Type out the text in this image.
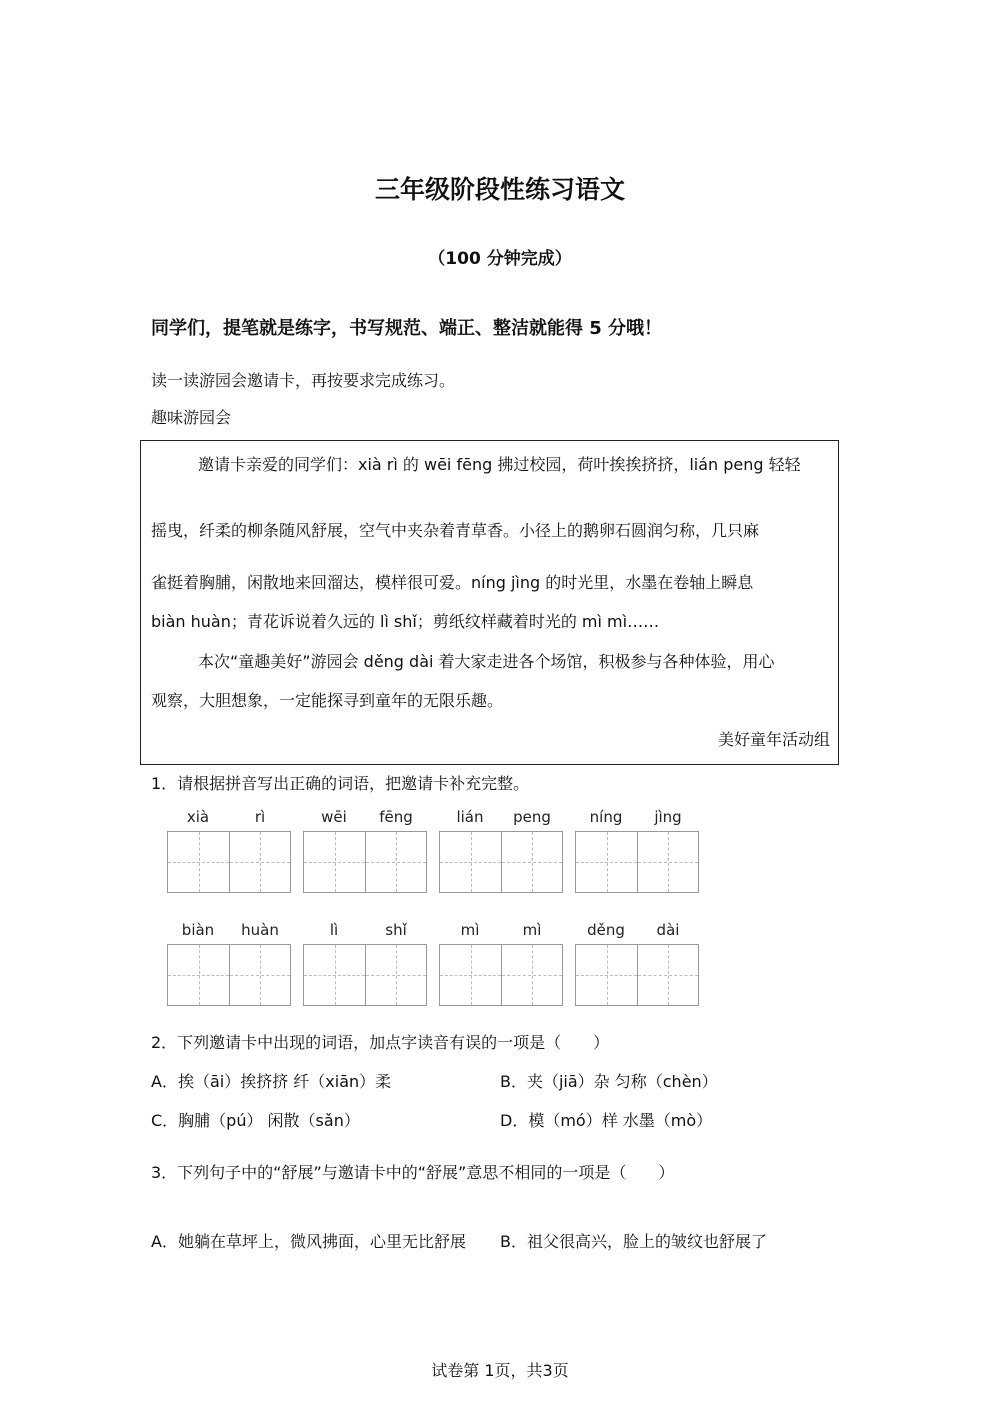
三年级阶段性练习语文
（100 分钟完成）
同学们，提笔就是练字，书写规范、端正、整洁就能得 5 分哦！
读一读游园会邀请卡，再按要求完成练习。
趣味游园会
邀请卡亲爱的同学们：xià rì 的 wēi fēng 拂过校园，荷叶挨挨挤挤，lián peng 轻轻
摇曳，纤柔的柳条随风舒展，空气中夹杂着青草香。小径上的鹅卵石圆润匀称，几只麻
雀挺着胸脯，闲散地来回溜达，模样很可爱。níng jìng 的时光里，水墨在卷轴上瞬息
biàn huàn；青花诉说着久远的 lì shǐ；剪纸纹样藏着时光的 mì mì……
本次“童趣美好”游园会 děng dài 着大家走进各个场馆，积极参与各种体验，用心
观察，大胆想象，一定能探寻到童年的无限乐趣。
美好童年活动组
1．请根据拼音写出正确的词语，把邀请卡补充完整。
xià	rì	wēi	fēng	lián	peng	níng	jìng
biàn	huàn	lì	shǐ	mì	mì	děng	dài
2．下列邀请卡中出现的词语，加点字读音有误的一项是（　　）
A．挨（āi）挨挤挤 纤（xiān）柔	B．夹（jiā）杂 匀称（chèn）
C．胸脯（pú） 闲散（sǎn）	D．模（mó）样 水墨（mò）
3．下列句子中的“舒展”与邀请卡中的“舒展”意思不相同的一项是（　　）
A．她躺在草坪上，微风拂面，心里无比舒展 B．祖父很高兴，脸上的皱纹也舒展了
试卷第 1页，共3页
